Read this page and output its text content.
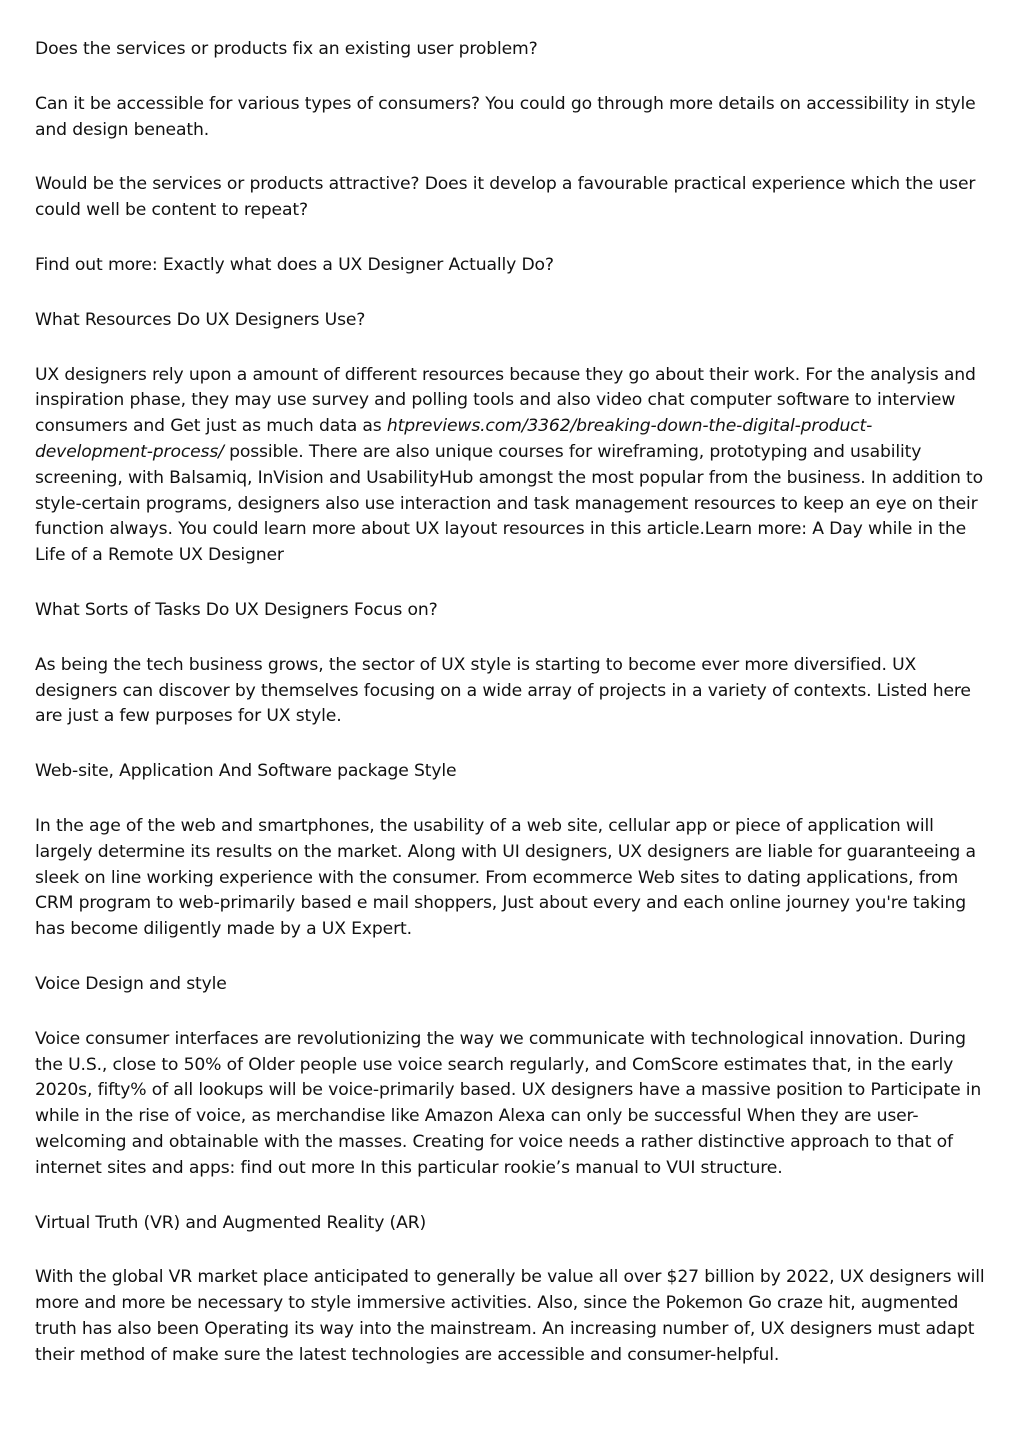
Does the services or products fix an existing user problem?

Can it be accessible for various types of consumers? You could go through more details on accessibility in style and design beneath.

Would be the services or products attractive? Does it develop a favourable practical experience which the user could well be content to repeat?

Find out more: Exactly what does a UX Designer Actually Do?

What Resources Do UX Designers Use?

UX designers rely upon a amount of different resources because they go about their work. For the analysis and inspiration phase, they may use survey and polling tools and also video chat computer software to interview consumers and Get just as much data as htpreviews.com/3362/breaking-down-the-digital-product-development-process/ possible. There are also unique courses for wireframing, prototyping and usability screening, with Balsamiq, InVision and UsabilityHub amongst the most popular from the business. In addition to style-certain programs, designers also use interaction and task management resources to keep an eye on their function always. You could learn more about UX layout resources in this article.Learn more: A Day while in the Life of a Remote UX Designer

What Sorts of Tasks Do UX Designers Focus on?

As being the tech business grows, the sector of UX style is starting to become ever more diversified. UX designers can discover by themselves focusing on a wide array of projects in a variety of contexts. Listed here are just a few purposes for UX style.

Web-site, Application And Software package Style

In the age of the web and smartphones, the usability of a web site, cellular app or piece of application will largely determine its results on the market. Along with UI designers, UX designers are liable for guaranteeing a sleek on line working experience with the consumer. From ecommerce Web sites to dating applications, from CRM program to web-primarily based e mail shoppers, Just about every and each online journey you're taking has become diligently made by a UX Expert.

Voice Design and style

Voice consumer interfaces are revolutionizing the way we communicate with technological innovation. During the U.S., close to 50% of Older people use voice search regularly, and ComScore estimates that, in the early 2020s, fifty% of all lookups will be voice-primarily based. UX designers have a massive position to Participate in while in the rise of voice, as merchandise like Amazon Alexa can only be successful When they are user-welcoming and obtainable with the masses. Creating for voice needs a rather distinctive approach to that of internet sites and apps: find out more In this particular rookie’s manual to VUI structure.

Virtual Truth (VR) and Augmented Reality (AR)

With the global VR market place anticipated to generally be value all over $27 billion by 2022, UX designers will more and more be necessary to style immersive activities. Also, since the Pokemon Go craze hit, augmented truth has also been Operating its way into the mainstream. An increasing number of, UX designers must adapt their method of make sure the latest technologies are accessible and consumer-helpful.
